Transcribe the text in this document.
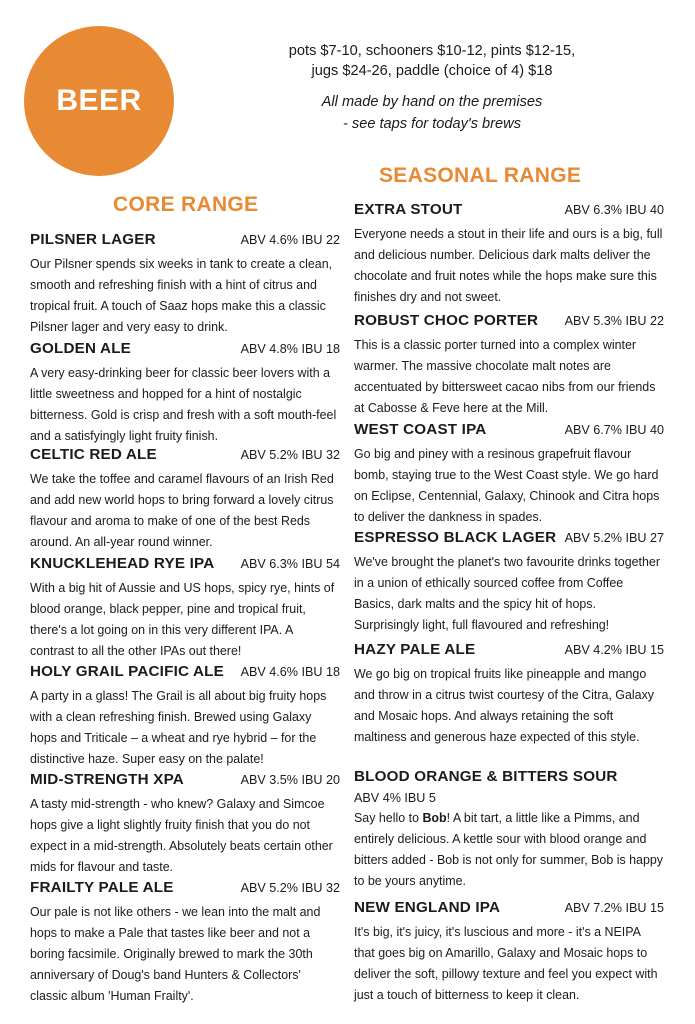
BEER
pots $7-10, schooners $10-12, pints $12-15,
jugs $24-26, paddle (choice of 4) $18
All made by hand on the premises
- see taps for today's brews
CORE RANGE
SEASONAL RANGE
PILSNER LAGER	ABV 4.6% IBU 22
Our Pilsner spends six weeks in tank to create a clean, smooth and refreshing finish with a hint of citrus and tropical fruit. A touch of Saaz hops make this a classic Pilsner lager and very easy to drink.
GOLDEN ALE	ABV 4.8% IBU 18
A very easy-drinking beer for classic beer lovers with a little sweetness and hopped for a hint of nostalgic bitterness. Gold is crisp and fresh with a soft mouth-feel and a satisfyingly light fruity finish.
CELTIC RED ALE	ABV 5.2% IBU 32
We take the toffee and caramel flavours of an Irish Red and add new world hops to bring forward a lovely citrus flavour and aroma to make of one of the best Reds around. An all-year round winner.
KNUCKLEHEAD RYE IPA ABV 6.3% IBU 54
With a big hit of Aussie and US hops, spicy rye, hints of blood orange, black pepper, pine and tropical fruit, there's a lot going on in this very different IPA. A contrast to all the other IPAs out there!
HOLY GRAIL PACIFIC ALE ABV 4.6% IBU 18
A party in a glass! The Grail is all about big fruity hops with a clean refreshing finish. Brewed using Galaxy hops and Triticale – a wheat and rye hybrid – for the distinctive haze. Super easy on the palate!
MID-STRENGTH XPA	ABV 3.5% IBU 20
A tasty mid-strength - who knew? Galaxy and Simcoe hops give a light slightly fruity finish that you do not expect in a mid-strength. Absolutely beats certain other mids for flavour and taste.
FRAILTY PALE ALE	ABV 5.2% IBU 32
Our pale is not like others - we lean into the malt and hops to make a Pale that tastes like beer and not a boring facsimile. Originally brewed to mark the 30th anniversary of Doug's band Hunters & Collectors' classic album 'Human Frailty'.
EXTRA STOUT	ABV 6.3% IBU 40
Everyone needs a stout in their life and ours is a big, full and delicious number. Delicious dark malts deliver the chocolate and fruit notes while the hops make sure this finishes dry and not sweet.
ROBUST CHOC PORTER ABV 5.3% IBU 22
This is a classic porter turned into a complex winter warmer. The massive chocolate malt notes are accentuated by bittersweet cacao nibs from our friends at Cabosse & Feve here at the Mill.
WEST COAST IPA	ABV 6.7% IBU 40
Go big and piney with a resinous grapefruit flavour bomb, staying true to the West Coast style. We go hard on Eclipse, Centennial, Galaxy, Chinook and Citra hops to deliver the dankness in spades.
ESPRESSO BLACK LAGER ABV 5.2% IBU 27
We've brought the planet's two favourite drinks together in a union of ethically sourced coffee from Coffee Basics, dark malts and the spicy hit of hops. Surprisingly light, full flavoured and refreshing!
HAZY PALE ALE	ABV 4.2% IBU 15
We go big on tropical fruits like pineapple and mango and throw in a citrus twist courtesy of the Citra, Galaxy and Mosaic hops. And always retaining the soft maltiness and generous haze expected of this style.
BLOOD ORANGE & BITTERS SOUR
ABV 4% IBU 5
Say hello to Bob! A bit tart, a little like a Pimms, and entirely delicious. A kettle sour with blood orange and bitters added - Bob is not only for summer, Bob is happy to be yours anytime.
NEW ENGLAND IPA	ABV 7.2% IBU 15
It's big, it's juicy, it's luscious and more - it's a NEIPA that goes big on Amarillo, Galaxy and Mosaic hops to deliver the soft, pillowy texture and feel you expect with just a touch of bitterness to keep it clean.
